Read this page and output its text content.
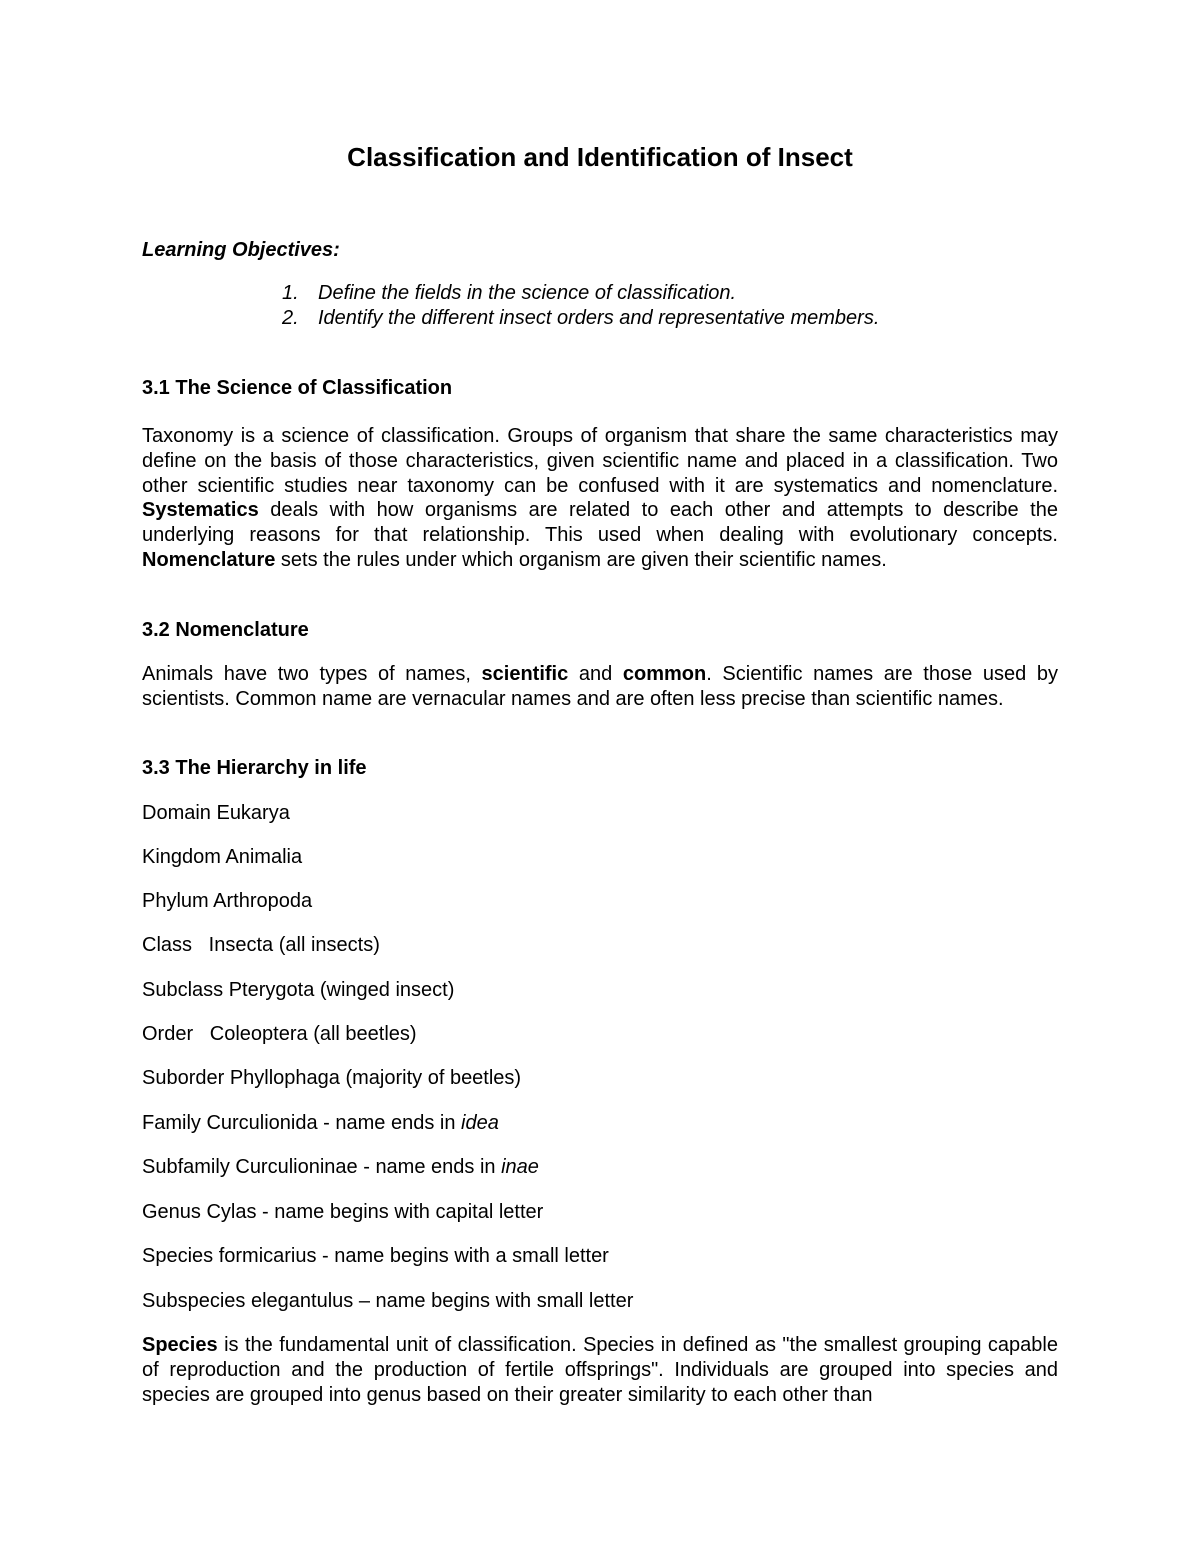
Classification and Identification of Insect

Learning Objectives:

1. Define the fields in the science of classification.
2. Identify the different insect orders and representative members.
3.1 The Science of Classification

Taxonomy is a science of classification. Groups of organism that share the same characteristics may define on the basis of those characteristics, given scientific name and placed in a classification. Two other scientific studies near taxonomy can be confused with it are systematics and nomenclature. Systematics deals with how organisms are related to each other and attempts to describe the underlying reasons for that relationship. This used when dealing with evolutionary concepts. Nomenclature sets the rules under which organism are given their scientific names.

3.2 Nomenclature

Animals have two types of names, scientific and common. Scientific names are those used by scientists. Common name are vernacular names and are often less precise than scientific names.

3.3 The Hierarchy in life

Domain Eukarya

Kingdom Animalia

Phylum Arthropoda

Class   Insecta (all insects)

Subclass Pterygota (winged insect)

Order   Coleoptera (all beetles)

Suborder Phyllophaga (majority of beetles)

Family Curculionida - name ends in idea

Subfamily Curculioninae - name ends in inae

Genus Cylas - name begins with capital letter

Species formicarius - name begins with a small letter

Subspecies elegantulus – name begins with small letter

Species is the fundamental unit of classification. Species in defined as "the smallest grouping capable of reproduction and the production of fertile offsprings". Individuals are grouped into species and species are grouped into genus based on their greater similarity to each other than
